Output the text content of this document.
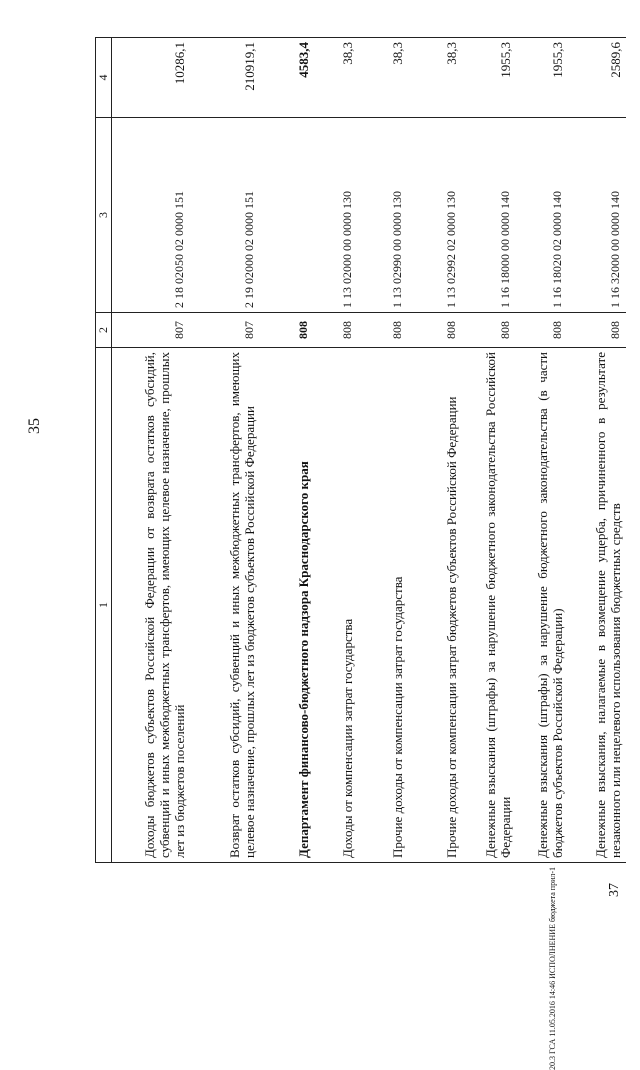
35
1	2	3	4
Доходы бюджетов субъектов Российской Федерации от возврата остатков субсидий, субвенций и иных межбюджетных трансфертов, имеющих целевое назначение, прошлых лет из бюджетов поселений	807	2 18 02050 02 0000 151	10286,1
Возврат остатков субсидий, субвенций и иных межбюджетных трансфертов, имеющих целевое назначение, прошлых лет из бюджетов субъектов Российской Федерации	807	2 19 02000 02 0000 151	210919,1
Департамент финансово-бюджетного надзора Краснодарского края	808		4583,4
Доходы от компенсации затрат государства	808	1 13 02000 00 0000 130	38,3
Прочие доходы от компенсации затрат государства	808	1 13 02990 00 0000 130	38,3
Прочие доходы от компенсации затрат бюджетов субъектов Российской Федерации	808	1 13 02992 02 0000 130	38,3
Денежные взыскания (штрафы) за нарушение бюджетного законодательства Российской Федерации	808	1 16 18000 00 0000 140	1955,3
Денежные взыскания (штрафы) за нарушение бюджетного законодательства (в части бюджетов субъектов Российской Федерации)	808	1 16 18020 02 0000 140	1955,3
Денежные взыскания, налагаемые в возмещение ущерба, причиненного в результате незаконного или нецелевого использования бюджетных средств	808	1 16 32000 00 0000 140	2589,6
20.3 ГСА 11.05.2016 14:46 ИСПОЛНЕНИЕ бюджета прил-1	37
